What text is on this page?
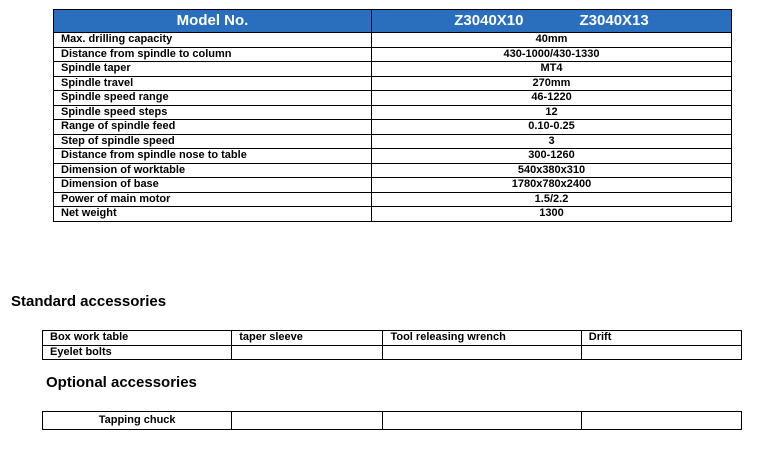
Model No.	Z3040X10 Z3040X13
Max. drilling capacity	40mm
Distance from spindle to column	430-1000/430-1330
Spindle taper	MT4
Spindle travel	270mm
Spindle speed range	46-1220
Spindle speed steps	12
Range of spindle feed	0.10-0.25
Step of spindle speed	3
Distance from spindle nose to table	300-1260
Dimension of worktable	540x380x310
Dimension of base	1780x780x2400
Power of main motor	1.5/2.2
Net weight	1300
Standard accessories
Box work table	taper sleeve	Tool releasing wrench	Drift
Eyelet bolts			
Optional accessories
Tapping chuck			
